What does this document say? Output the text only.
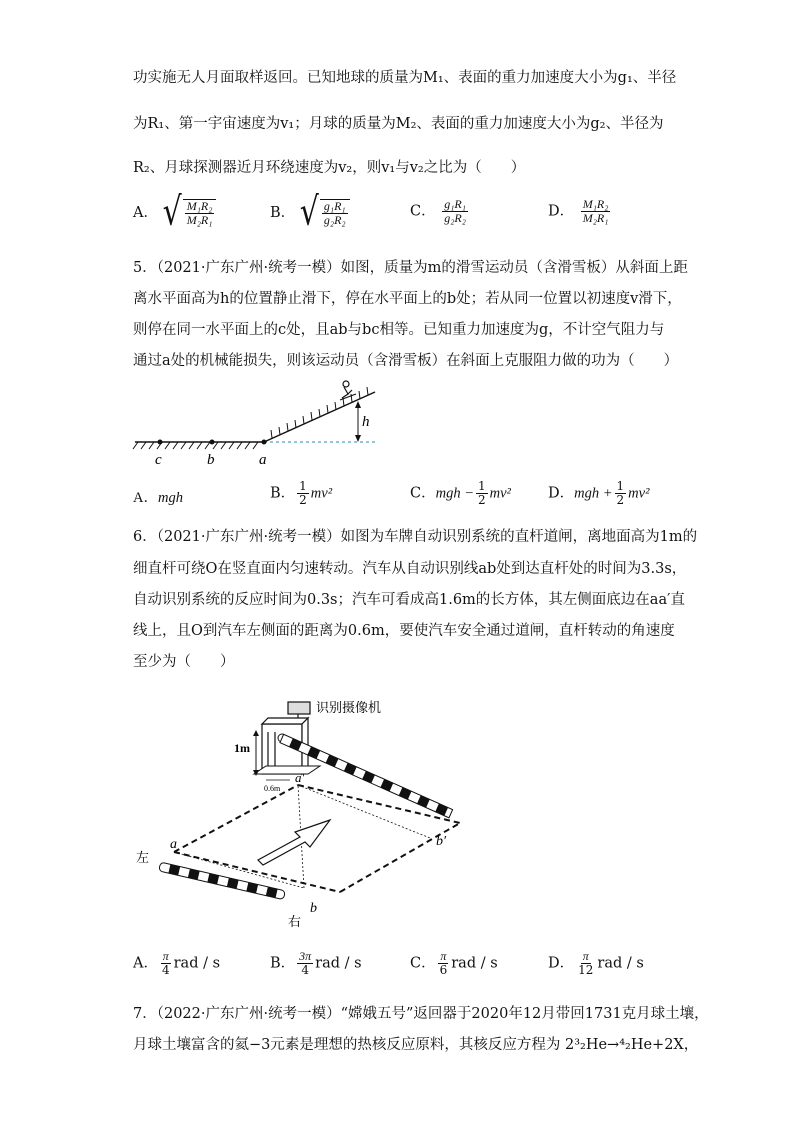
功实施无人月面取样返回。已知地球的质量为M₁、表面的重力加速度大小为g₁、半径
为R₁、第一宇宙速度为v₁；月球的质量为M₂、表面的重力加速度大小为g₂、半径为
R₂、月球探测器近月环绕速度为v₂，则v₁与v₂之比为（　　）
A． √ $\frac{\text{M₁R₂}}{\text{M₂R₁}}$	B． √ $\frac{\text{g₁R₁}}{\text{g₂R₂}}$	C． $\frac{\text{g₁R₁}}{\text{g₂R₂}}$	D． $\frac{\text{M₁R₂}}{\text{M₂R₁}}$
5．（2021·广东广州·统考一模）如图，质量为m的滑雪运动员（含滑雪板）从斜面上距
离水平面高为h的位置静止滑下，停在水平面上的b处；若从同一位置以初速度v滑下，
则停在同一水平面上的c处，且ab与bc相等。已知重力加速度为g，不计空气阻力与
通过a处的机械能损失，则该运动员（含滑雪板）在斜面上克服阻力做的功为（　　）
c	b	a
h
A．mgh	B． $\frac{1}{2} mv^2$	C．mgh − $\frac{1}{2} mv^2$	D．mgh + $\frac{1}{2} mv^2$
6．（2021·广东广州·统考一模）如图为车牌自动识别系统的直杆道闸，离地面高为1m的
细直杆可绕O在竖直面内匀速转动。汽车从自动识别线ab处到达直杆处的时间为3.3s，
自动识别系统的反应时间为0.3s；汽车可看成高1.6m的长方体，其左侧面底边在aa′直
线上，且O到汽车左侧面的距离为0.6m，要使汽车安全通过道闸，直杆转动的角速度
至少为（　　）
识别摄像机
1m
0.6m
a′
左
a
右
b
b′
A． $\frac{\pi}{4}$ rad / s	B． $\frac{3\pi}{4}$ rad / s	C． $\frac{\pi}{6}$ rad / s	D． $\frac{\pi}{12}$ rad / s
7．（2022·广东广州·统考一模）“嫦娥五号”返回器于2020年12月带回1731克月球土壤，
月球土壤富含的氦−3元素是理想的热核反应原料，其核反应方程为 2³₂He→⁴₂He+2X，
